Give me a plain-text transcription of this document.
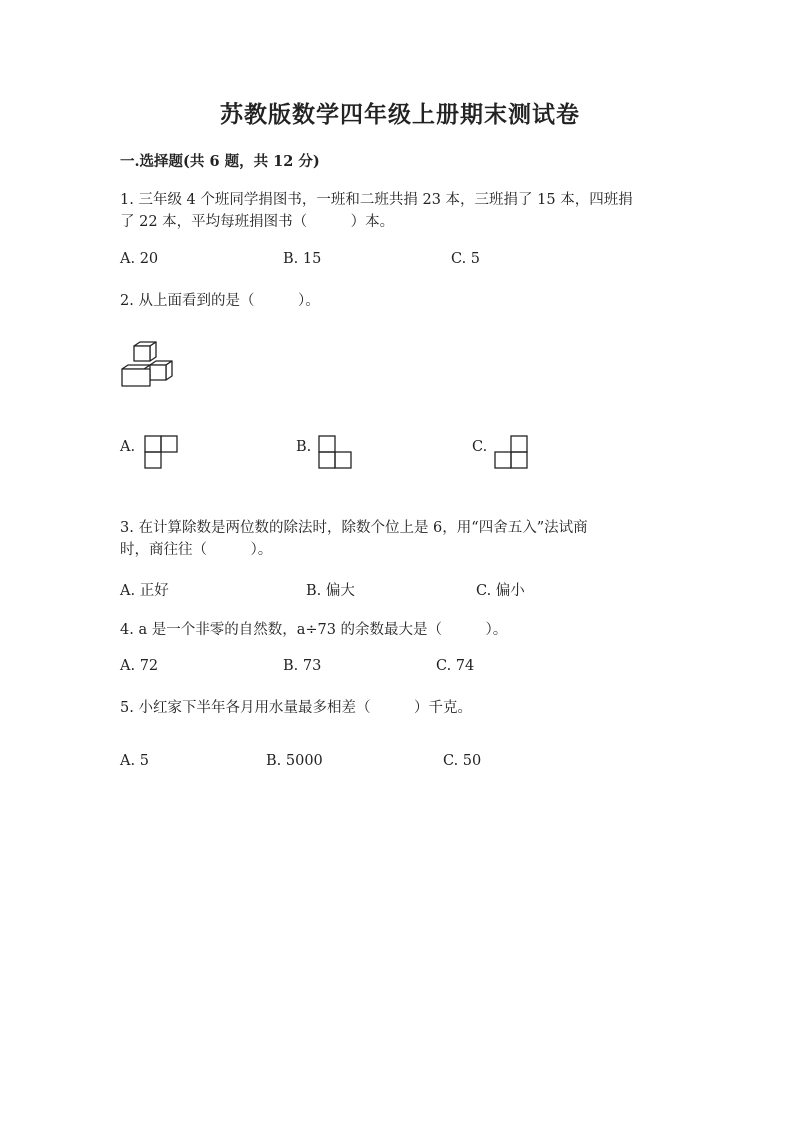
苏教版数学四年级上册期末测试卷
一.选择题(共 6 题，共 12 分)
1. 三年级 4 个班同学捐图书，一班和二班共捐 23 本，三班捐了 15 本，四班捐
了 22 本，平均每班捐图书（　　　）本。
A. 20	B. 15	C. 5
2. 从上面看到的是（　　　）。
A.	B.	C.
3. 在计算除数是两位数的除法时，除数个位上是 6，用“四舍五入”法试商
时，商往往（　　　）。
A. 正好	B. 偏大	C. 偏小
4. a 是一个非零的自然数，a÷73 的余数最大是（　　　）。
A. 72	B. 73	C. 74
5. 小红家下半年各月用水量最多相差（　　　）千克。
A. 5	B. 5000	C. 50
